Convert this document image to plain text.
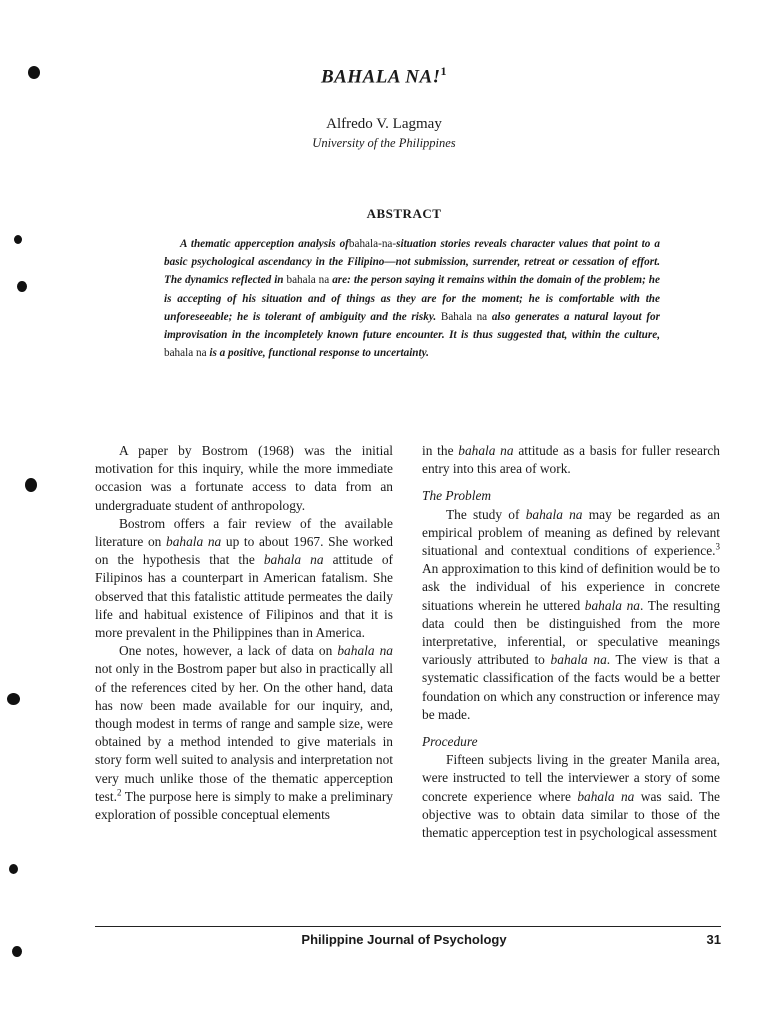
BAHALA NA!$^1$
Alfredo V. Lagmay
University of the Philippines
ABSTRACT
A thematic apperception analysis ofbahala-na-situation stories reveals character values that point to a basic psychological ascendancy in the Filipino—not submission, surrender, retreat or cessation of effort. The dynamics reflected in bahala na are: the person saying it remains within the domain of the problem; he is accepting of his situation and of things as they are for the moment; he is comfortable with the unforeseeable; he is tolerant of ambiguity and the risky. Bahala na also generates a natural layout for improvisation in the incompletely known future encounter. It is thus suggested that, within the culture, bahala na is a positive, functional response to uncertainty.

A paper by Bostrom (1968) was the initial motivation for this inquiry, while the more immediate occasion was a fortunate access to data from an undergraduate student of anthropology.

Bostrom offers a fair review of the available literature on bahala na up to about 1967. She worked on the hypothesis that the bahala na attitude of Filipinos has a counterpart in American fatalism. She observed that this fatalistic attitude permeates the daily life and habitual existence of Filipinos and that it is more prevalent in the Philippines than in America.

One notes, however, a lack of data on bahala na not only in the Bostrom paper but also in practically all of the references cited by her. On the other hand, data has now been made available for our inquiry, and, though modest in terms of range and sample size, were obtained by a method intended to give materials in story form well suited to analysis and interpretation not very much unlike those of the thematic apperception test.$^2$ The purpose here is simply to make a preliminary exploration of possible conceptual elements

in the bahala na attitude as a basis for fuller research entry into this area of work.

The Problem

The study of bahala na may be regarded as an empirical problem of meaning as defined by relevant situational and contextual conditions of experience.$^3$ An approximation to this kind of definition would be to ask the individual of his experience in concrete situations wherein he uttered bahala na. The resulting data could then be distinguished from the more interpretative, inferential, or speculative meanings variously attributed to bahala na. The view is that a systematic classification of the facts would be a better foundation on which any construction or inference may be made.

Procedure

Fifteen subjects living in the greater Manila area, were instructed to tell the interviewer a story of some concrete experience where bahala na was said. The objective was to obtain data similar to those of the thematic apperception test in psychological assessment

Philippine Journal of Psychology	31
